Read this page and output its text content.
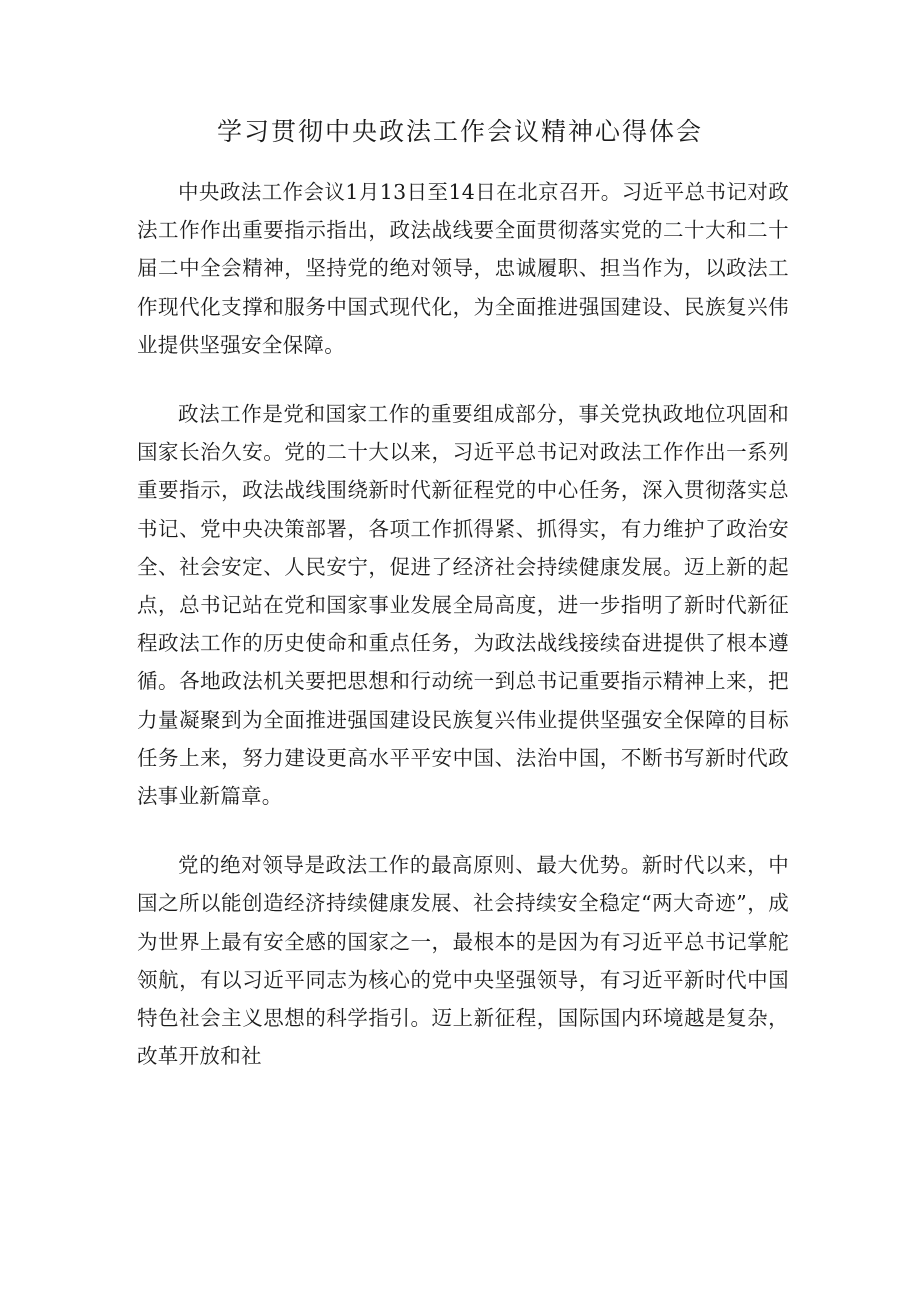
学习贯彻中央政法工作会议精神心得体会

中央政法工作会议1月13日至14日在北京召开。习近平总书记对政法工作作出重要指示指出，政法战线要全面贯彻落实党的二十大和二十届二中全会精神，坚持党的绝对领导，忠诚履职、担当作为，以政法工作现代化支撑和服务中国式现代化，为全面推进强国建设、民族复兴伟业提供坚强安全保障。

政法工作是党和国家工作的重要组成部分，事关党执政地位巩固和国家长治久安。党的二十大以来，习近平总书记对政法工作作出一系列重要指示，政法战线围绕新时代新征程党的中心任务，深入贯彻落实总书记、党中央决策部署，各项工作抓得紧、抓得实，有力维护了政治安全、社会安定、人民安宁，促进了经济社会持续健康发展。迈上新的起点，总书记站在党和国家事业发展全局高度，进一步指明了新时代新征程政法工作的历史使命和重点任务，为政法战线接续奋进提供了根本遵循。各地政法机关要把思想和行动统一到总书记重要指示精神上来，把力量凝聚到为全面推进强国建设民族复兴伟业提供坚强安全保障的目标任务上来，努力建设更高水平平安中国、法治中国，不断书写新时代政法事业新篇章。

党的绝对领导是政法工作的最高原则、最大优势。新时代以来，中国之所以能创造经济持续健康发展、社会持续安全稳定“两大奇迹”，成为世界上最有安全感的国家之一，最根本的是因为有习近平总书记掌舵领航，有以习近平同志为核心的党中央坚强领导，有习近平新时代中国特色社会主义思想的科学指引。迈上新征程，国际国内环境越是复杂，改革开放和社
